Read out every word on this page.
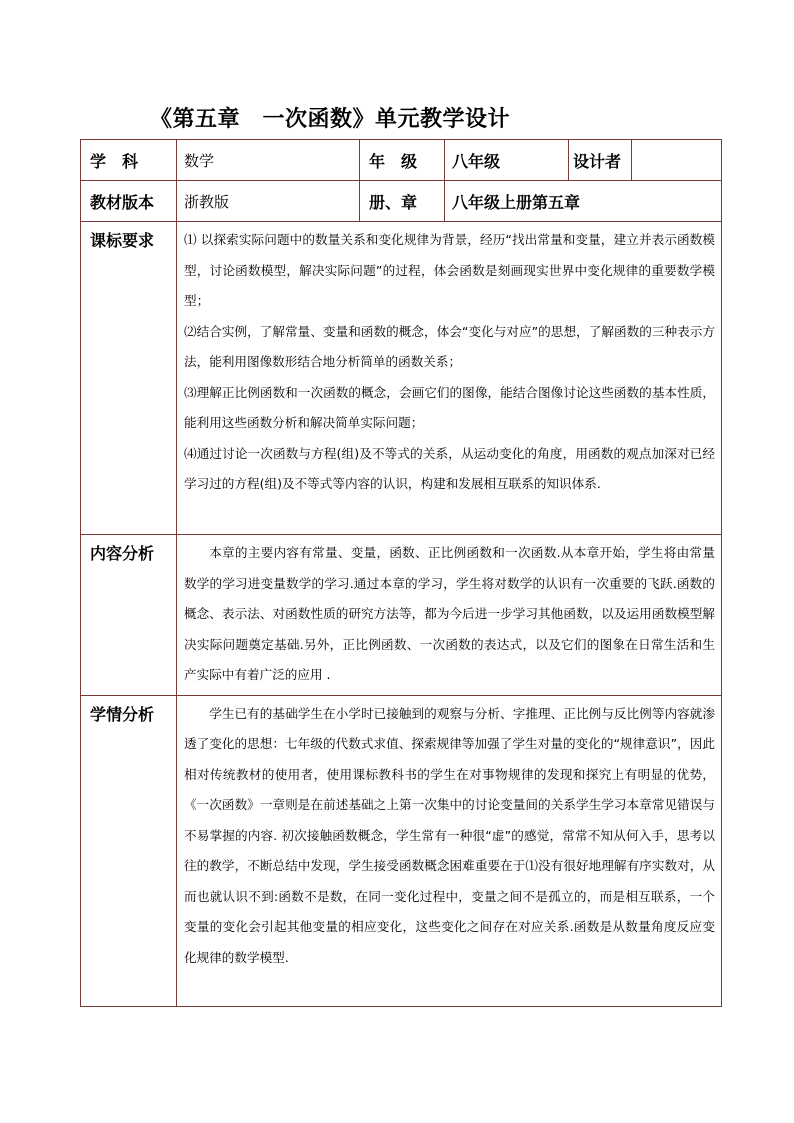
《第五章　一次函数》单元教学设计
学　科	数学	年　级	八年级	设计者	
教材版本	浙教版	册、章	八年级上册第五章		
课标要求	⑴ 以探索实际问题中的数量关系和变化规律为背景，经历“找出常量和变量，建立并表示函数模型，讨论函数模型，解决实际问题”的过程，体会函数是刻画现实世界中变化规律的重要数学模型；

⑵结合实例，了解常量、变量和函数的概念，体会“变化与对应”的思想，了解函数的三种表示方法，能利用图像数形结合地分析简单的函数关系；

⑶理解正比例函数和一次函数的概念，会画它们的图像，能结合图像讨论这些函数的基本性质，能利用这些函数分析和解决简单实际问题；

⑷通过讨论一次函数与方程(组)及不等式的关系，从运动变化的角度，用函数的观点加深对已经学习过的方程(组)及不等式等内容的认识，构建和发展相互联系的知识体系.				

内容分析	本章的主要内容有常量、变量，函数、正比例函数和一次函数.从本章开始，学生将由常量数学的学习进变量数学的学习.通过本章的学习，学生将对数学的认识有一次重要的飞跃.函数的概念、表示法、对函数性质的研究方法等，都为今后进一步学习其他函数，以及运用函数模型解决实际问题奠定基础.另外，正比例函数、一次函数的表达式，以及它们的图象在日常生活和生产实际中有着广泛的应用 .				

学情分析	学生已有的基础学生在小学时已接触到的观察与分析、字推理、正比例与反比例等内容就渗透了变化的思想：七年级的代数式求值、探索规律等加强了学生对量的变化的“规律意识”，因此相对传统教材的使用者，使用课标教科书的学生在对事物规律的发现和探究上有明显的优势，《一次函数》一章则是在前述基础之上第一次集中的讨论变量间的关系学生学习本章常见错误与不易掌握的内容. 初次接触函数概念，学生常有一种很“虚”的感觉，常常不知从何入手，思考以往的教学，不断总结中发现，学生接受函数概念困难重要在于⑴没有很好地理解有序实数对，从而也就认识不到:函数不是数，在同一变化过程中，变量之间不是孤立的，而是相互联系，一个变量的变化会引起其他变量的相应变化，这些变化之间存在对应关系.函数是从数量角度反应变化规律的数学模型.				
